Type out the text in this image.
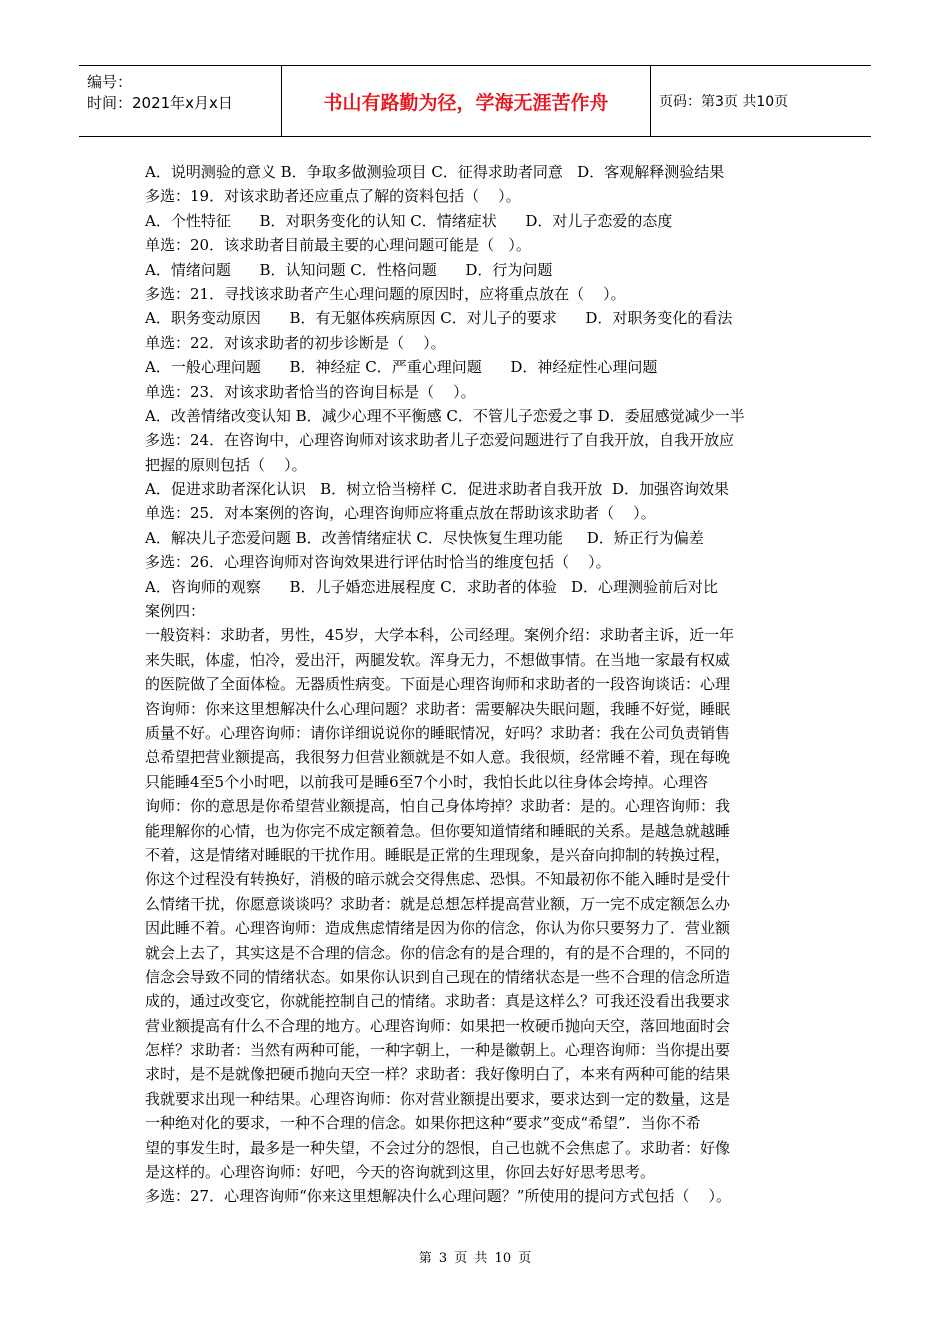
编号：
时间：2021年x月x日	书山有路勤为径，学海无涯苦作舟	页码：第3页 共10页
A．说明测验的意义 B．争取多做测验项目 C．征得求助者同意   D．客观解释测验结果
多选：19．对该求助者还应重点了解的资料包括（    ）。
A．个性特征      B．对职务变化的认知 C．情绪症状      D．对儿子恋爱的态度
单选：20．该求助者目前最主要的心理问题可能是（   ）。
A．情绪问题      B．认知问题 C．性格问题      D．行为问题
多选：21．寻找该求助者产生心理问题的原因时，应将重点放在（    ）。
A．职务变动原因      B．有无躯体疾病原因 C．对儿子的要求      D．对职务变化的看法
单选：22．对该求助者的初步诊断是（    ）。
A．一般心理问题      B．神经症 C．严重心理问题      D．神经症性心理问题
单选：23．对该求助者恰当的咨询目标是（    ）。
A．改善情绪改变认知 B．减少心理不平衡感 C．不管儿子恋爱之事 D．委屈感觉减少一半
多选：24．在咨询中，心理咨询师对该求助者儿子恋爱问题进行了自我开放，自我开放应
把握的原则包括（    ）。
A．促进求助者深化认识   B．树立恰当榜样 C．促进求助者自我开放  D．加强咨询效果
单选：25．对本案例的咨询，心理咨询师应将重点放在帮助该求助者（    ）。
A．解决儿子恋爱问题 B．改善情绪症状 C．尽快恢复生理功能     D．矫正行为偏差
多选：26．心理咨询师对咨询效果进行评估时恰当的维度包括（    ）。
A．咨询师的观察      B．儿子婚恋进展程度 C．求助者的体验   D．心理测验前后对比
案例四：
一般资料：求助者，男性，45岁，大学本科，公司经理。案例介绍：求助者主诉，近一年
来失眠，体虚，怕冷，爱出汗，两腿发软。浑身无力，不想做事情。在当地一家最有权威
的医院做了全面体检。无器质性病变。下面是心理咨询师和求助者的一段咨询谈话：心理
咨询师：你来这里想解决什么心理问题？求助者：需要解决失眠问题，我睡不好觉，睡眠
质量不好。心理咨询师：请你详细说说你的睡眠情况，好吗？求助者：我在公司负责销售
总希望把营业额提高，我很努力但营业额就是不如人意。我很烦，经常睡不着，现在每晚
只能睡4至5个小时吧，以前我可是睡6至7个小时，我怕长此以往身体会垮掉。心理咨
询师：你的意思是你希望营业额提高，怕自己身体垮掉？求助者：是的。心理咨询师：我
能理解你的心情，也为你完不成定额着急。但你要知道情绪和睡眠的关系。是越急就越睡
不着，这是情绪对睡眠的干扰作用。睡眠是正常的生理现象，是兴奋向抑制的转换过程，
你这个过程没有转换好，消极的暗示就会交得焦虑、恐惧。不知最初你不能入睡时是受什
么情绪干扰，你愿意谈谈吗？求助者：就是总想怎样提高营业额，万一完不成定额怎么办
因此睡不着。心理咨询师：造成焦虑情绪是因为你的信念，你认为你只要努力了．营业额
就会上去了，其实这是不合理的信念。你的信念有的是合理的，有的是不合理的，不同的
信念会导致不同的情绪状态。如果你认识到自己现在的情绪状态是一些不合理的信念所造
成的，通过改变它，你就能控制自己的情绪。求助者：真是这样么？可我还没看出我要求
营业额提高有什么不合理的地方。心理咨询师：如果把一枚硬币抛向天空，落回地面时会
怎样？求助者：当然有两种可能，一种字朝上，一种是徽朝上。心理咨询师：当你提出要
求时，是不是就像把硬币抛向天空一样？求助者：我好像明白了，本来有两种可能的结果
我就要求出现一种结果。心理咨询师：你对营业额提出要求，要求达到一定的数量，这是
一种绝对化的要求，一种不合理的信念。如果你把这种“要求”变成“希望”．当你不希
望的事发生时，最多是一种失望，不会过分的怨恨，自己也就不会焦虑了。求助者：好像
是这样的。心理咨询师：好吧，今天的咨询就到这里，你回去好好思考思考。
多选：27．心理咨询师“你来这里想解决什么心理问题？”所使用的提问方式包括（    ）。
第 3 页 共 10 页
